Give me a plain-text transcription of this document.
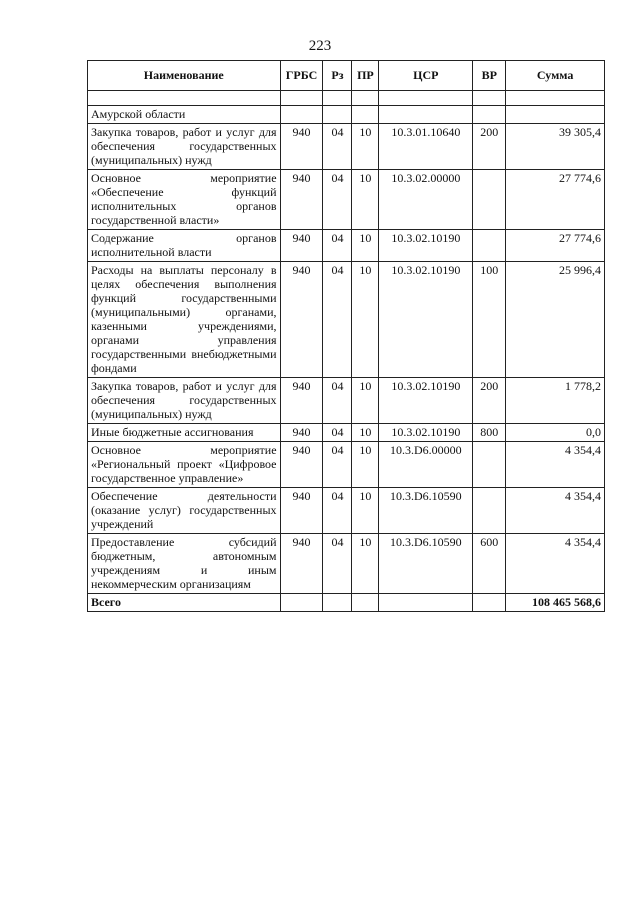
223
Наименование	ГРБС	Рз	ПР	ЦСР	ВР	Сумма

Амурской области						
Закупка товаров, работ и услуг для обеспечения государственных (муниципальных) нужд	940	04	10	10.3.01.10640	200	39 305,4
Основное мероприятие «Обеспечение функций исполнительных органов государственной власти»	940	04	10	10.3.02.00000		27 774,6
Содержание органов исполнительной власти	940	04	10	10.3.02.10190		27 774,6
Расходы на выплаты персоналу в целях обеспечения выполнения функций государственными (муниципальными) органами, казенными учреждениями, органами управления государственными внебюджетными фондами	940	04	10	10.3.02.10190	100	25 996,4
Закупка товаров, работ и услуг для обеспечения государственных (муниципальных) нужд	940	04	10	10.3.02.10190	200	1 778,2
Иные бюджетные ассигнования	940	04	10	10.3.02.10190	800	0,0
Основное мероприятие «Региональный проект «Цифровое государственное управление»	940	04	10	10.3.D6.00000		4 354,4
Обеспечение деятельности (оказание услуг) государственных учреждений	940	04	10	10.3.D6.10590		4 354,4
Предоставление субсидий бюджетным, автономным учреждениям и иным некоммерческим организациям	940	04	10	10.3.D6.10590	600	4 354,4
Всего						108 465 568,6
